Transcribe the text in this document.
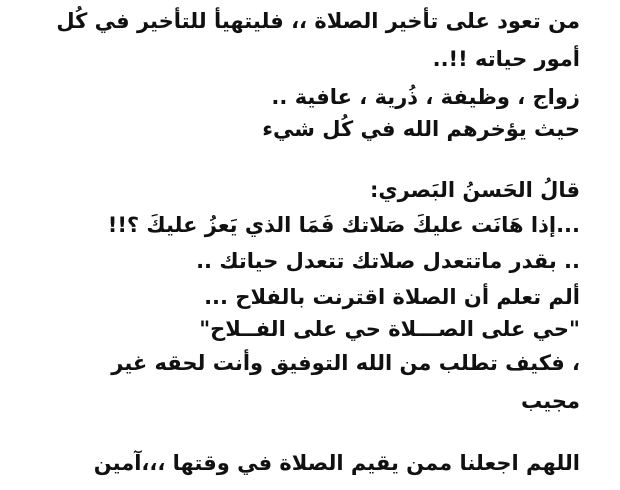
من تعود على تأخير الصلاة ،، فليتهيأ للتأخير في كُل
أمور حياته !!..
زواج ، وظيفة ، ذُرية ، عافية ..
حيث يؤخرهم الله في كُل شيء
قالُ الحَسنُ البَصري:
...إذا هَانَت عليكَ صَلاتك فَمَا الذي يَعزُ عليكَ ؟!!
.. بقدر ماتتعدل صلاتك تتعدل حياتك ..
ألم تعلم أن الصلاة اقترنت بالفلاح ...
"حي على الصـــلاة حي على الفــلاح"
، فكيف تطلب من الله التوفيق وأنت لحقه غير
مجيب
اللهم اجعلنا ممن يقيم الصلاة في وقتها ،،،آمين
